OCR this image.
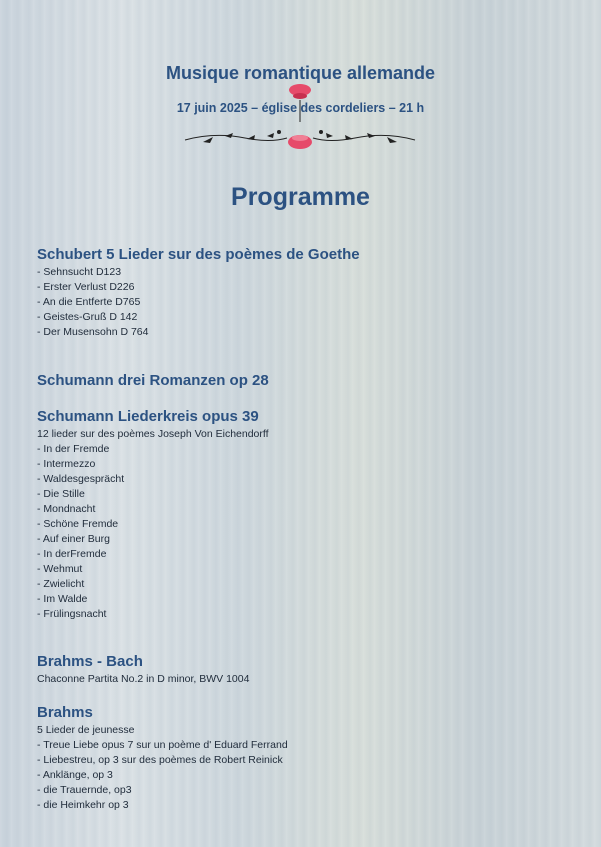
Musique romantique allemande
17 juin 2025 – église des cordeliers – 21 h
Programme

Schubert 5 Lieder sur des poèmes de Goethe

- Sehnsucht D123

- Erster Verlust D226

- An die Entferte D765

- Geistes-Gruß D 142

- Der Musensohn D 764

Schumann drei Romanzen op 28

Schumann Liederkreis opus 39

12 lieder sur des poèmes Joseph Von Eichendorff

- In der Fremde

- Intermezzo

- Waldesgesprächt

- Die Stille

- Mondnacht

- Schöne Fremde

- Auf einer Burg

- In derFremde

- Wehmut

- Zwielicht

- Im Walde

- Frülingsnacht

Brahms - Bach

Chaconne Partita No.2 in D minor, BWV 1004

Brahms

5 Lieder de jeunesse

- Treue Liebe opus 7 sur un poème d' Eduard Ferrand

- Liebestreu, op 3 sur des poèmes de Robert Reinick

- Anklänge, op 3

- die Trauernde, op3

- die Heimkehr op 3
